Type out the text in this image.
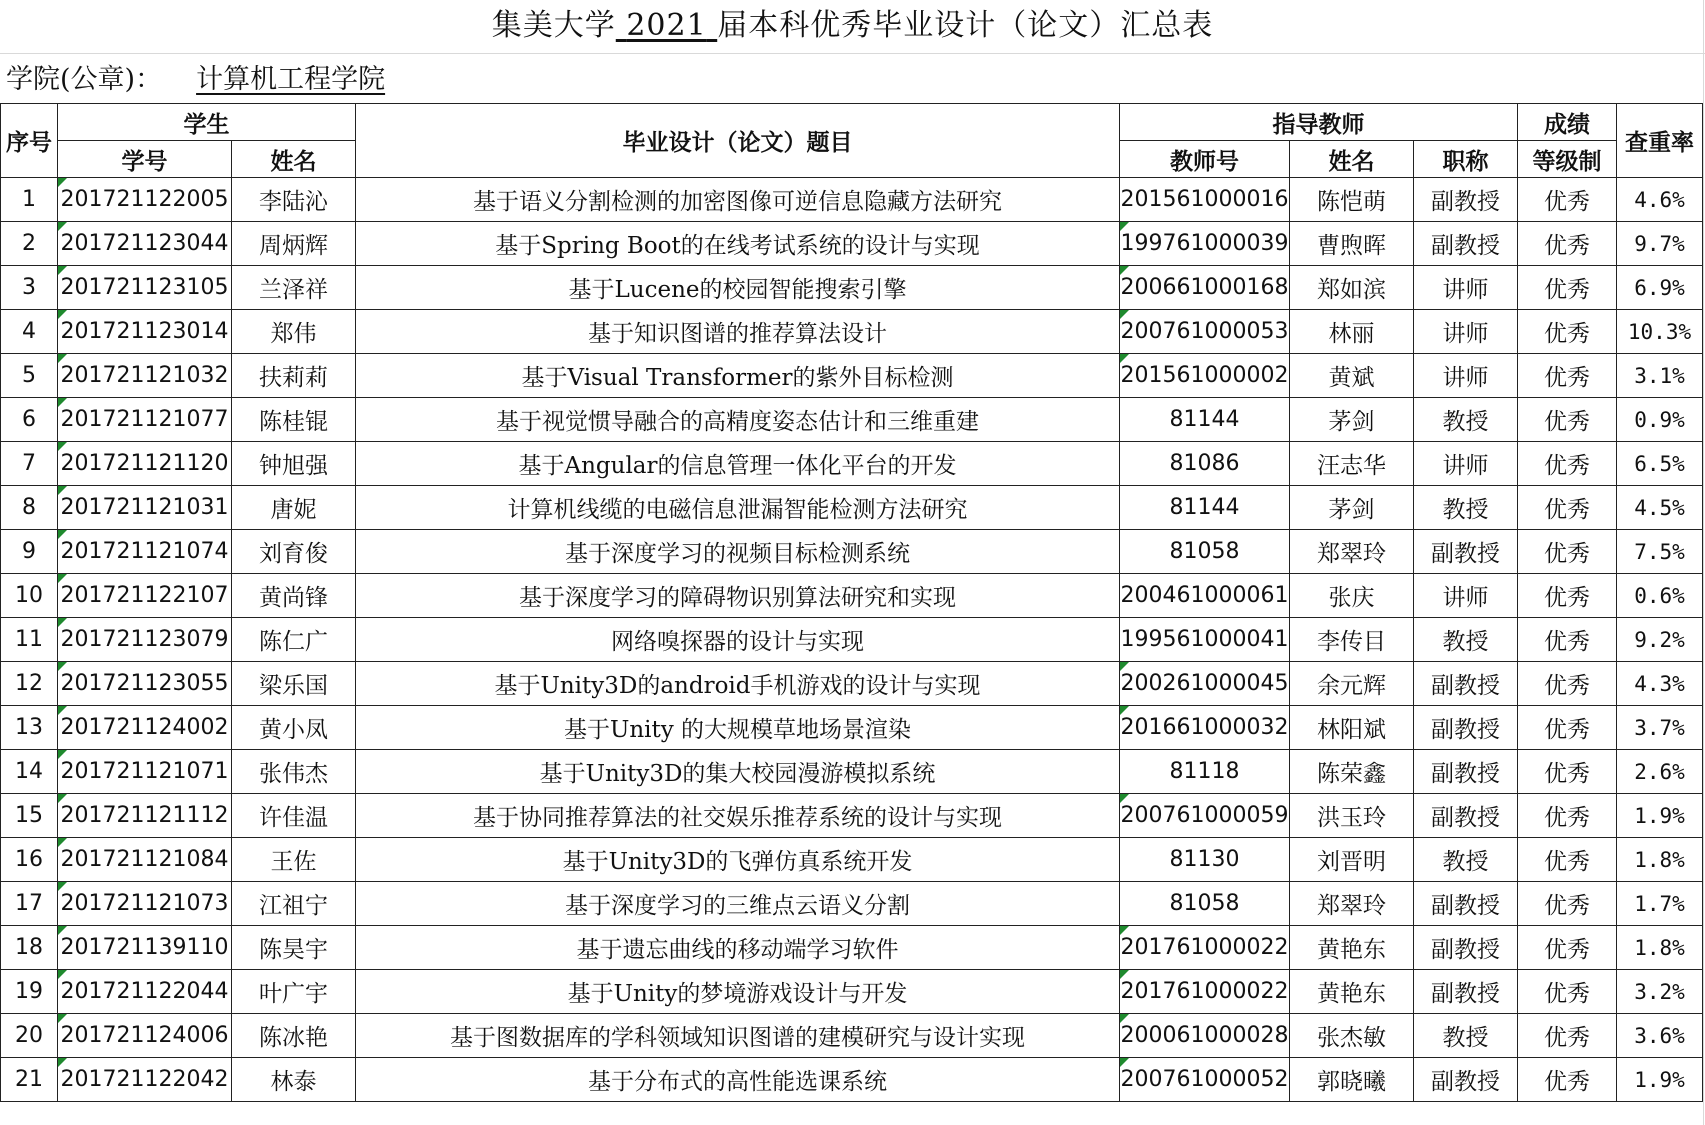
集美大学 2021 届本科优秀毕业设计（论文）汇总表
学院(公章)： 计算机工程学院
序号	学生		毕业设计（论文）题目	指导教师			成绩	查重率
	学号	姓名		教师号	姓名	职称	等级制	
1	201721122005	李陆沁	基于语义分割检测的加密图像可逆信息隐藏方法研究	201561000016	陈恺萌	副教授	优秀	4.6%
2	201721123044	周炳辉	基于Spring Boot的在线考试系统的设计与实现	199761000039	曹煦晖	副教授	优秀	9.7%
3	201721123105	兰泽祥	基于Lucene的校园智能搜索引擎	200661000168	郑如滨	讲师	优秀	6.9%
4	201721123014	郑伟	基于知识图谱的推荐算法设计	200761000053	林丽	讲师	优秀	10.3%
5	201721121032	扶莉莉	基于Visual Transformer的紫外目标检测	201561000002	黄斌	讲师	优秀	3.1%
6	201721121077	陈桂锟	基于视觉惯导融合的高精度姿态估计和三维重建	81144	茅剑	教授	优秀	0.9%
7	201721121120	钟旭强	基于Angular的信息管理一体化平台的开发	81086	汪志华	讲师	优秀	6.5%
8	201721121031	唐妮	计算机线缆的电磁信息泄漏智能检测方法研究	81144	茅剑	教授	优秀	4.5%
9	201721121074	刘育俊	基于深度学习的视频目标检测系统	81058	郑翠玲	副教授	优秀	7.5%
10	201721122107	黄尚锋	基于深度学习的障碍物识别算法研究和实现	200461000061	张庆	讲师	优秀	0.6%
11	201721123079	陈仁广	网络嗅探器的设计与实现	199561000041	李传目	教授	优秀	9.2%
12	201721123055	梁乐国	基于Unity3D的android手机游戏的设计与实现	200261000045	余元辉	副教授	优秀	4.3%
13	201721124002	黄小凤	基于Unity 的大规模草地场景渲染	201661000032	林阳斌	副教授	优秀	3.7%
14	201721121071	张伟杰	基于Unity3D的集大校园漫游模拟系统	81118	陈荣鑫	副教授	优秀	2.6%
15	201721121112	许佳温	基于协同推荐算法的社交娱乐推荐系统的设计与实现	200761000059	洪玉玲	副教授	优秀	1.9%
16	201721121084	王佐	基于Unity3D的飞弹仿真系统开发	81130	刘晋明	教授	优秀	1.8%
17	201721121073	江祖宁	基于深度学习的三维点云语义分割	81058	郑翠玲	副教授	优秀	1.7%
18	201721139110	陈昊宇	基于遗忘曲线的移动端学习软件	201761000022	黄艳东	副教授	优秀	1.8%
19	201721122044	叶广宇	基于Unity的梦境游戏设计与开发	201761000022	黄艳东	副教授	优秀	3.2%
20	201721124006	陈冰艳	基于图数据库的学科领域知识图谱的建模研究与设计实现	200061000028	张杰敏	教授	优秀	3.6%
21	201721122042	林泰	基于分布式的高性能选课系统	200761000052	郭晓曦	副教授	优秀	1.9%
